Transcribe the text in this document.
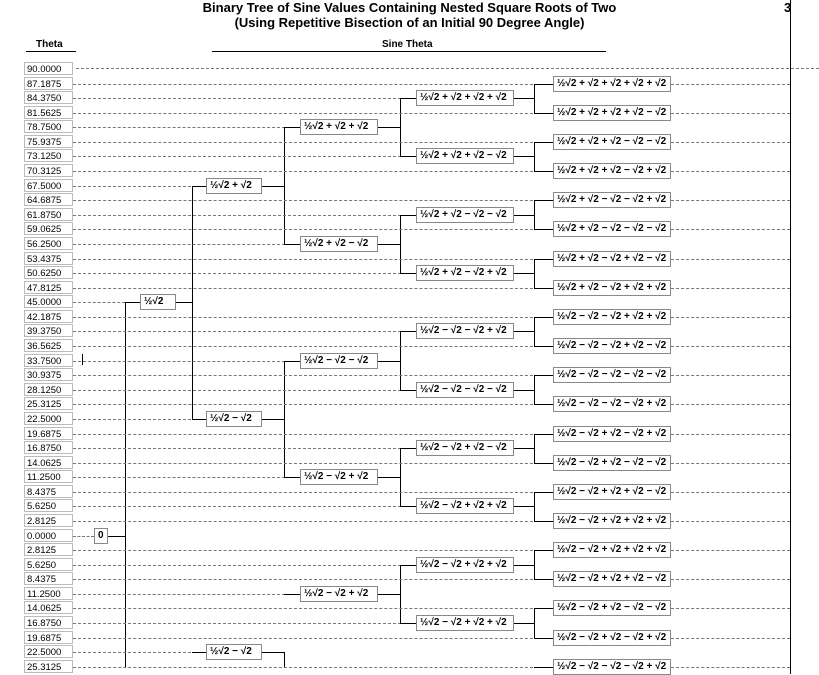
Binary Tree of Sine Values Containing Nested Square Roots of Two
(Using Repetitive Bisection of an Initial 90 Degree Angle)
3
Theta	Sine Theta
90.0000
87.1875
84.3750
81.5625
78.7500
75.9375
73.1250
70.3125
67.5000
64.6875
61.8750
59.0625
56.2500
53.4375
50.6250
47.8125
45.0000
42.1875
39.3750
36.5625
33.7500
30.9375
28.1250
25.3125
22.5000
19.6875
16.8750
14.0625
11.2500
8.4375
5.6250
2.8125
0.0000
2.8125
5.6250
8.4375
11.2500
14.0625
16.8750
19.6875
22.5000
25.3125
0
½√2
½√2 + √2
½√2 − √2
½√2 − √2
½√2 + √2 + √2
½√2 + √2 − √2
½√2 − √2 − √2
½√2 − √2 + √2
½√2 − √2 + √2
½√2 + √2 + √2 + √2
½√2 + √2 + √2 − √2
½√2 + √2 − √2 − √2
½√2 + √2 − √2 + √2
½√2 − √2 − √2 + √2
½√2 − √2 − √2 − √2
½√2 − √2 + √2 − √2
½√2 − √2 + √2 + √2
½√2 − √2 + √2 + √2
½√2 − √2 + √2 + √2
½√2 + √2 + √2 + √2 + √2
½√2 + √2 + √2 + √2 − √2
½√2 + √2 + √2 − √2 − √2
½√2 + √2 + √2 − √2 + √2
½√2 + √2 − √2 − √2 + √2
½√2 + √2 − √2 − √2 − √2
½√2 + √2 − √2 + √2 − √2
½√2 + √2 − √2 + √2 + √2
½√2 − √2 − √2 + √2 + √2
½√2 − √2 − √2 + √2 − √2
½√2 − √2 − √2 − √2 − √2
½√2 − √2 − √2 − √2 + √2
½√2 − √2 + √2 − √2 + √2
½√2 − √2 + √2 − √2 − √2
½√2 − √2 + √2 + √2 − √2
½√2 − √2 + √2 + √2 + √2
½√2 − √2 + √2 + √2 + √2
½√2 − √2 + √2 + √2 − √2
½√2 − √2 + √2 − √2 − √2
½√2 − √2 + √2 − √2 + √2
½√2 − √2 − √2 − √2 + √2
